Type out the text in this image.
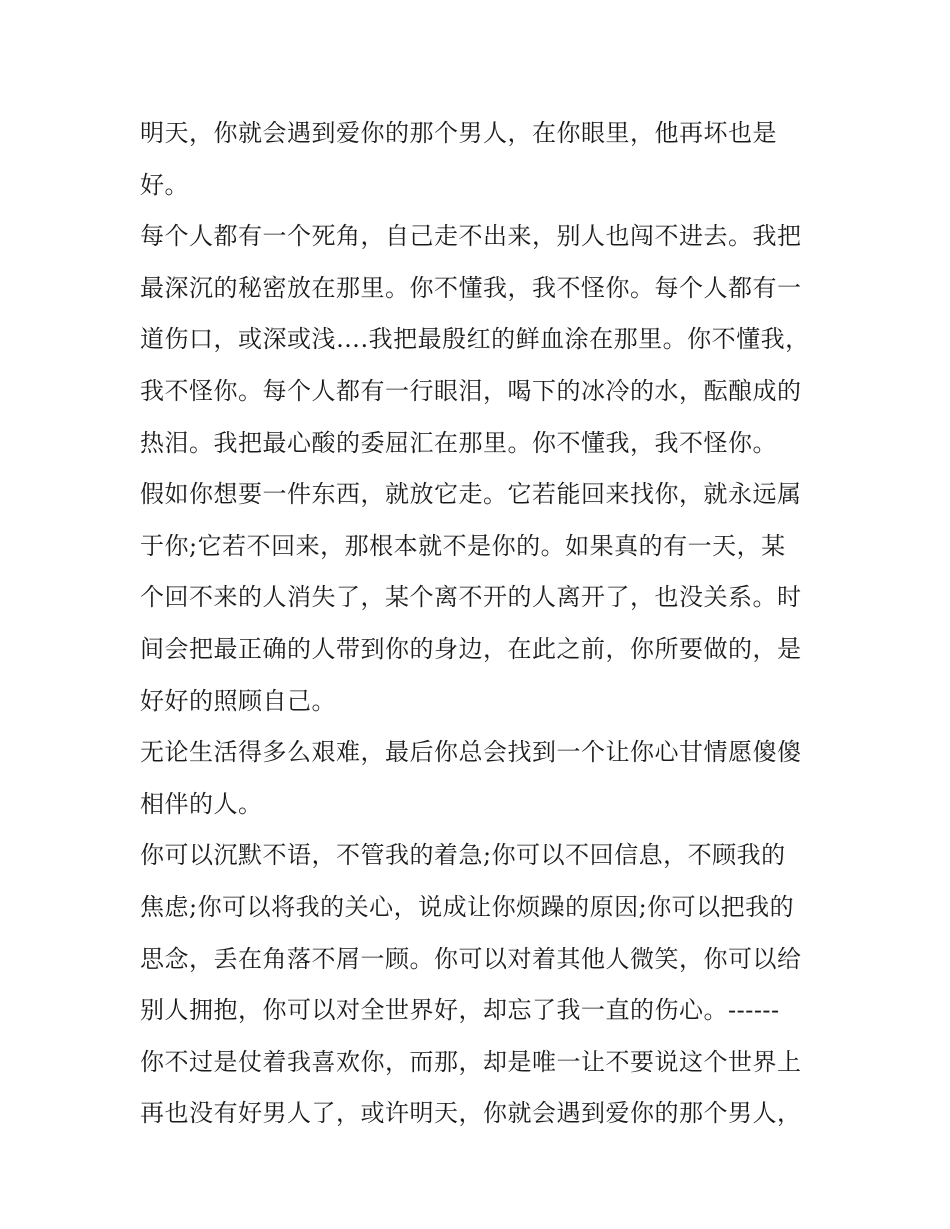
明天，你就会遇到爱你的那个男人，在你眼里，他再坏也是
好。
每个人都有一个死角，自己走不出来，别人也闯不进去。我把
最深沉的秘密放在那里。你不懂我，我不怪你。每个人都有一
道伤口，或深或浅….我把最殷红的鲜血涂在那里。你不懂我，
我不怪你。每个人都有一行眼泪，喝下的冰冷的水，酝酿成的
热泪。我把最心酸的委屈汇在那里。你不懂我，我不怪你。
假如你想要一件东西，就放它走。它若能回来找你，就永远属
于你;它若不回来，那根本就不是你的。如果真的有一天，某
个回不来的人消失了，某个离不开的人离开了，也没关系。时
间会把最正确的人带到你的身边，在此之前，你所要做的，是
好好的照顾自己。
无论生活得多么艰难，最后你总会找到一个让你心甘情愿傻傻
相伴的人。
你可以沉默不语，不管我的着急;你可以不回信息，不顾我的
焦虑;你可以将我的关心，说成让你烦躁的原因;你可以把我的
思念，丢在角落不屑一顾。你可以对着其他人微笑，你可以给
别人拥抱，你可以对全世界好，却忘了我一直的伤心。------
你不过是仗着我喜欢你，而那，却是唯一让不要说这个世界上
再也没有好男人了，或许明天，你就会遇到爱你的那个男人，
